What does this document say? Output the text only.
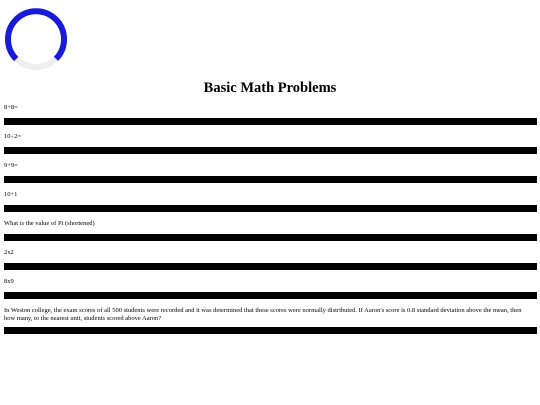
Basic Math Problems
8+8=
10÷2=
9+9=
10+1
What is the value of Pi (shortened)
2x2
8x9
In Weston college, the exam scores of all 500 students were recorded and it was determined that these scores were normally distributed. If Aaron's score is 0.8 standard deviation above the mean, then how many, to the nearest unit, students scored above Aaron?
